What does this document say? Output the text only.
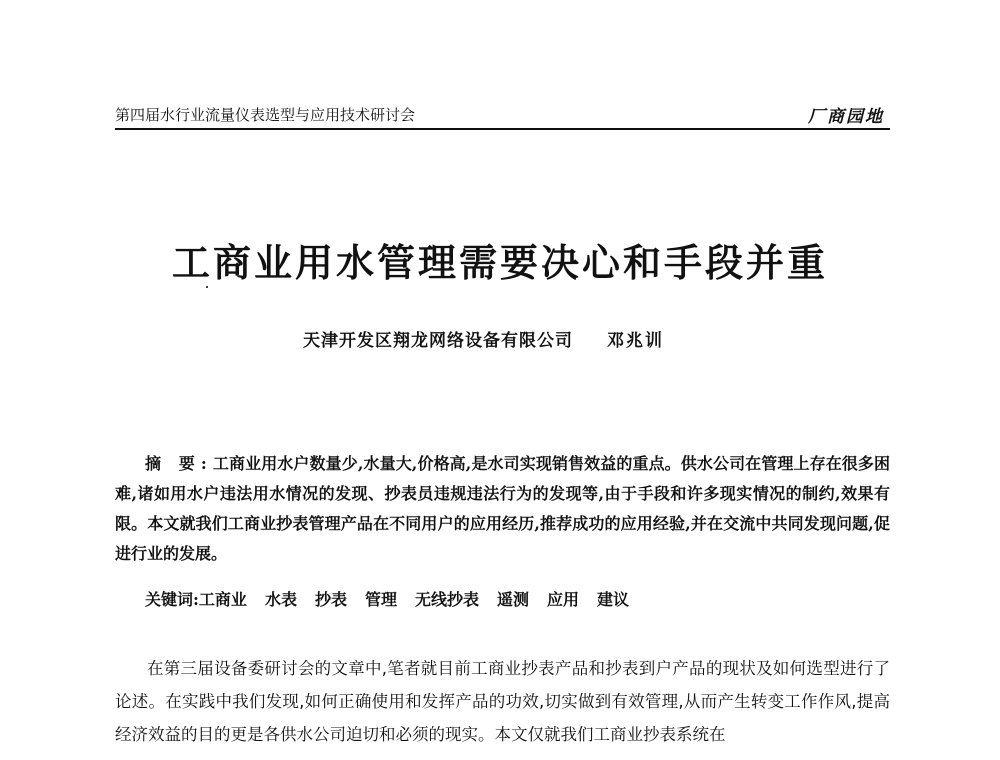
第四届水行业流量仪表选型与应用技术研讨会	厂商园地
工商业用水管理需要决心和手段并重
天津开发区翔龙网络设备有限公司 邓兆训
摘 要:工商业用水户数量少,水量大,价格高,是水司实现销售效益的重点。供水公司在管理上存在很多困难,诸如用水户违法用水情况的发现、抄表员违规违法行为的发现等,由于手段和许多现实情况的制约,效果有限。本文就我们工商业抄表管理产品在不同用户的应用经历,推荐成功的应用经验,并在交流中共同发现问题,促进行业的发展。
关键词:工商业 水表 抄表 管理 无线抄表 遥测 应用 建议
在第三届设备委研讨会的文章中,笔者就目前工商业抄表产品和抄表到户产品的现状及如何选型进行了论述。在实践中我们发现,如何正确使用和发挥产品的功效,切实做到有效管理,从而产生转变工作作风,提高经济效益的目的更是各供水公司迫切和必须的现实。本文仅就我们工商业抄表系统在
